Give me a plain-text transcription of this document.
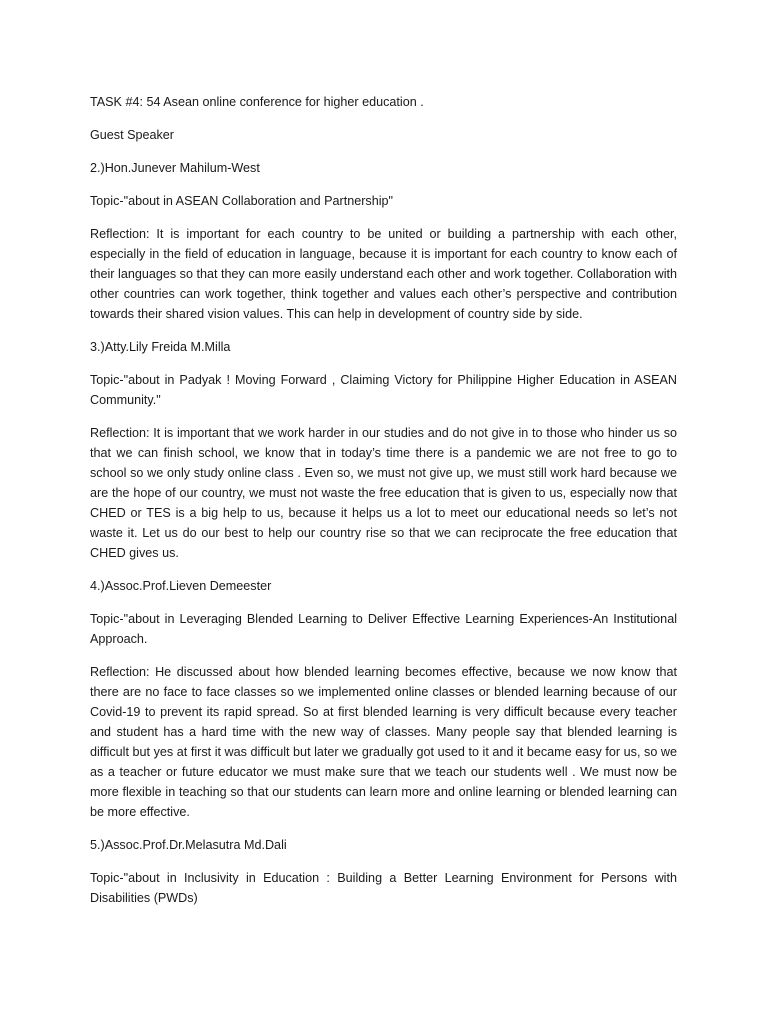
TASK #4: 54 Asean online conference for higher education .

Guest Speaker

2.)Hon.Junever Mahilum-West

Topic-"about in ASEAN Collaboration and Partnership"

Reflection: It is important for each country to be united or building a partnership with each other, especially in the field of education in language, because it is important for each country to know each of their languages so that they can more easily understand each other and work together. Collaboration with other countries can work together, think together and values each other’s perspective and contribution towards their shared vision values. This can help in development of country side by side.

3.)Atty.Lily Freida M.Milla

Topic-"about in Padyak ! Moving Forward , Claiming Victory for Philippine Higher Education in ASEAN Community."

Reflection: It is important that we work harder in our studies and do not give in to those who hinder us so that we can finish school, we know that in today’s time there is a pandemic we are not free to go to school so we only study online class . Even so, we must not give up, we must still work hard because we are the hope of our country, we must not waste the free education that is given to us, especially now that CHED or TES is a big help to us, because it helps us a lot to meet our educational needs so let’s not waste it. Let us do our best to help our country rise so that we can reciprocate the free education that CHED gives us.

4.)Assoc.Prof.Lieven Demeester

Topic-"about in Leveraging Blended Learning to Deliver Effective Learning Experiences-An Institutional Approach.

Reflection: He discussed about how blended learning becomes effective, because we now know that there are no face to face classes so we implemented online classes or blended learning because of our Covid-19 to prevent its rapid spread. So at first blended learning is very difficult because every teacher and student has a hard time with the new way of classes. Many people say that blended learning is difficult but yes at first it was difficult but later we gradually got used to it and it became easy for us, so we as a teacher or future educator we must make sure that we teach our students well . We must now be more flexible in teaching so that our students can learn more and online learning or blended learning can be more effective.

5.)Assoc.Prof.Dr.Melasutra Md.Dali

Topic-"about in Inclusivity in Education : Building a Better Learning Environment for Persons with Disabilities (PWDs)
